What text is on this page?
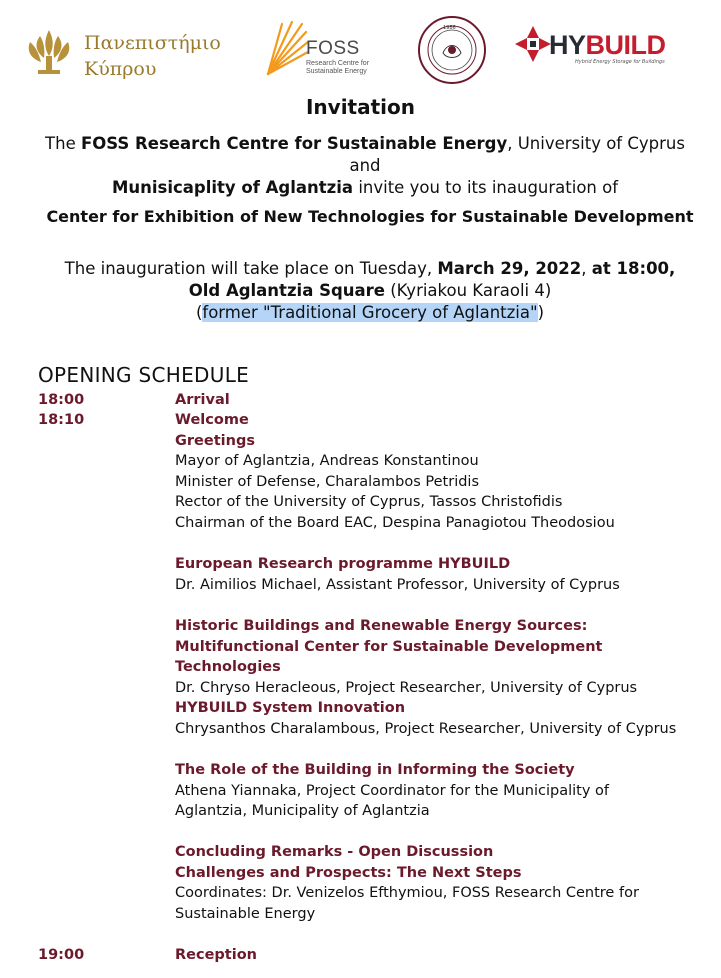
Πανεπιστήμιο
Κύπρου
FOSS
Research Centre for Sustainable Energy
1986
HYBUILD
Hybrid Energy Storage for Buildings
Invitation
The FOSS Research Centre for Sustainable Energy, University of Cyprus and
Munisicaplity of Aglantzia invite you to its inauguration of
Center for Exhibition of New Technologies for Sustainable Development
The inauguration will take place on Tuesday, March 29, 2022, at 18:00,
Old Aglantzia Square (Kyriakou Karaoli 4)
(former "Traditional Grocery of Aglantzia")
OPENING SCHEDULE
18:00	Arrival
18:10	Welcome
Greetings
Mayor of Aglantzia, Andreas Konstantinou
Minister of Defense, Charalambos Petridis
Rector of the University of Cyprus, Tassos Christofidis
Chairman of the Board EAC, Despina Panagiotou Theodosiou
European Research programme HYBUILD
Dr. Aimilios Michael, Assistant Professor, University of Cyprus
Historic Buildings and Renewable Energy Sources:
Multifunctional Center for Sustainable Development Technologies
Dr. Chryso Heracleous, Project Researcher, University of Cyprus
HYBUILD System Innovation
Chrysanthos Charalambous, Project Researcher, University of Cyprus
The Role of the Building in Informing the Society
Athena Yiannaka, Project Coordinator for the Municipality of
Aglantzia, Municipality of Aglantzia
Concluding Remarks - Open Discussion
Challenges and Prospects: The Next Steps
Coordinates: Dr. Venizelos Efthymiou, FOSS Research Centre for
Sustainable Energy
19:00	Reception
